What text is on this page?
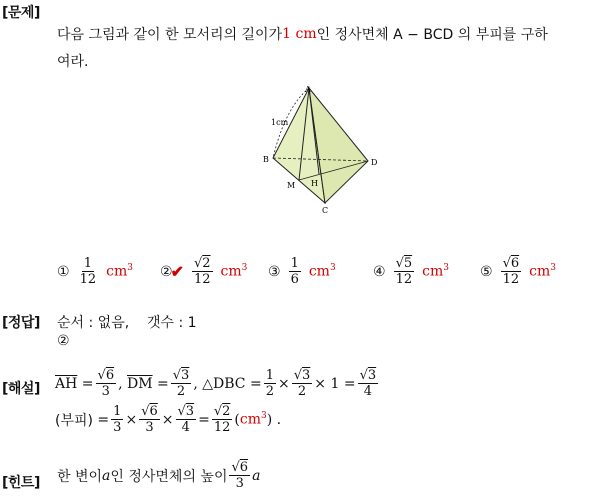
[문제]
다음 그림과 같이 한 모서리의 길이가 1
cm 인 정사면체 A − BCD 의 부피를 구하
여라.
A
B
C
D
M H
1cm
① $\frac{1}{12} cm^3$ ②
✔ $\frac{√2}{12} cm^3$ ③ $\frac{1}{6} cm^3$	④ $\frac{√5}{12} cm^3$ ⑤ $\frac{√6}{12} cm^3$
[정답] 순서 : 없음,
갯수 : 1
②
[해설] $\overline{AH} = \frac{√6}{3}$ , $\overline{DM} = \frac{√3}{2}$ , △DBC = $\frac{1}{2} \times \frac{√3}{2} \times 1 = \frac{√3}{4}$
(부피) = $\frac{1}{3} \times \frac{√6}{3} \times \frac{√3}{4} = \frac{√2}{12}$ ( $cm^3$ ) .
[힌트] 한 변이 a 인 정사면체의 높이 $\frac{√6}{3}$ a
